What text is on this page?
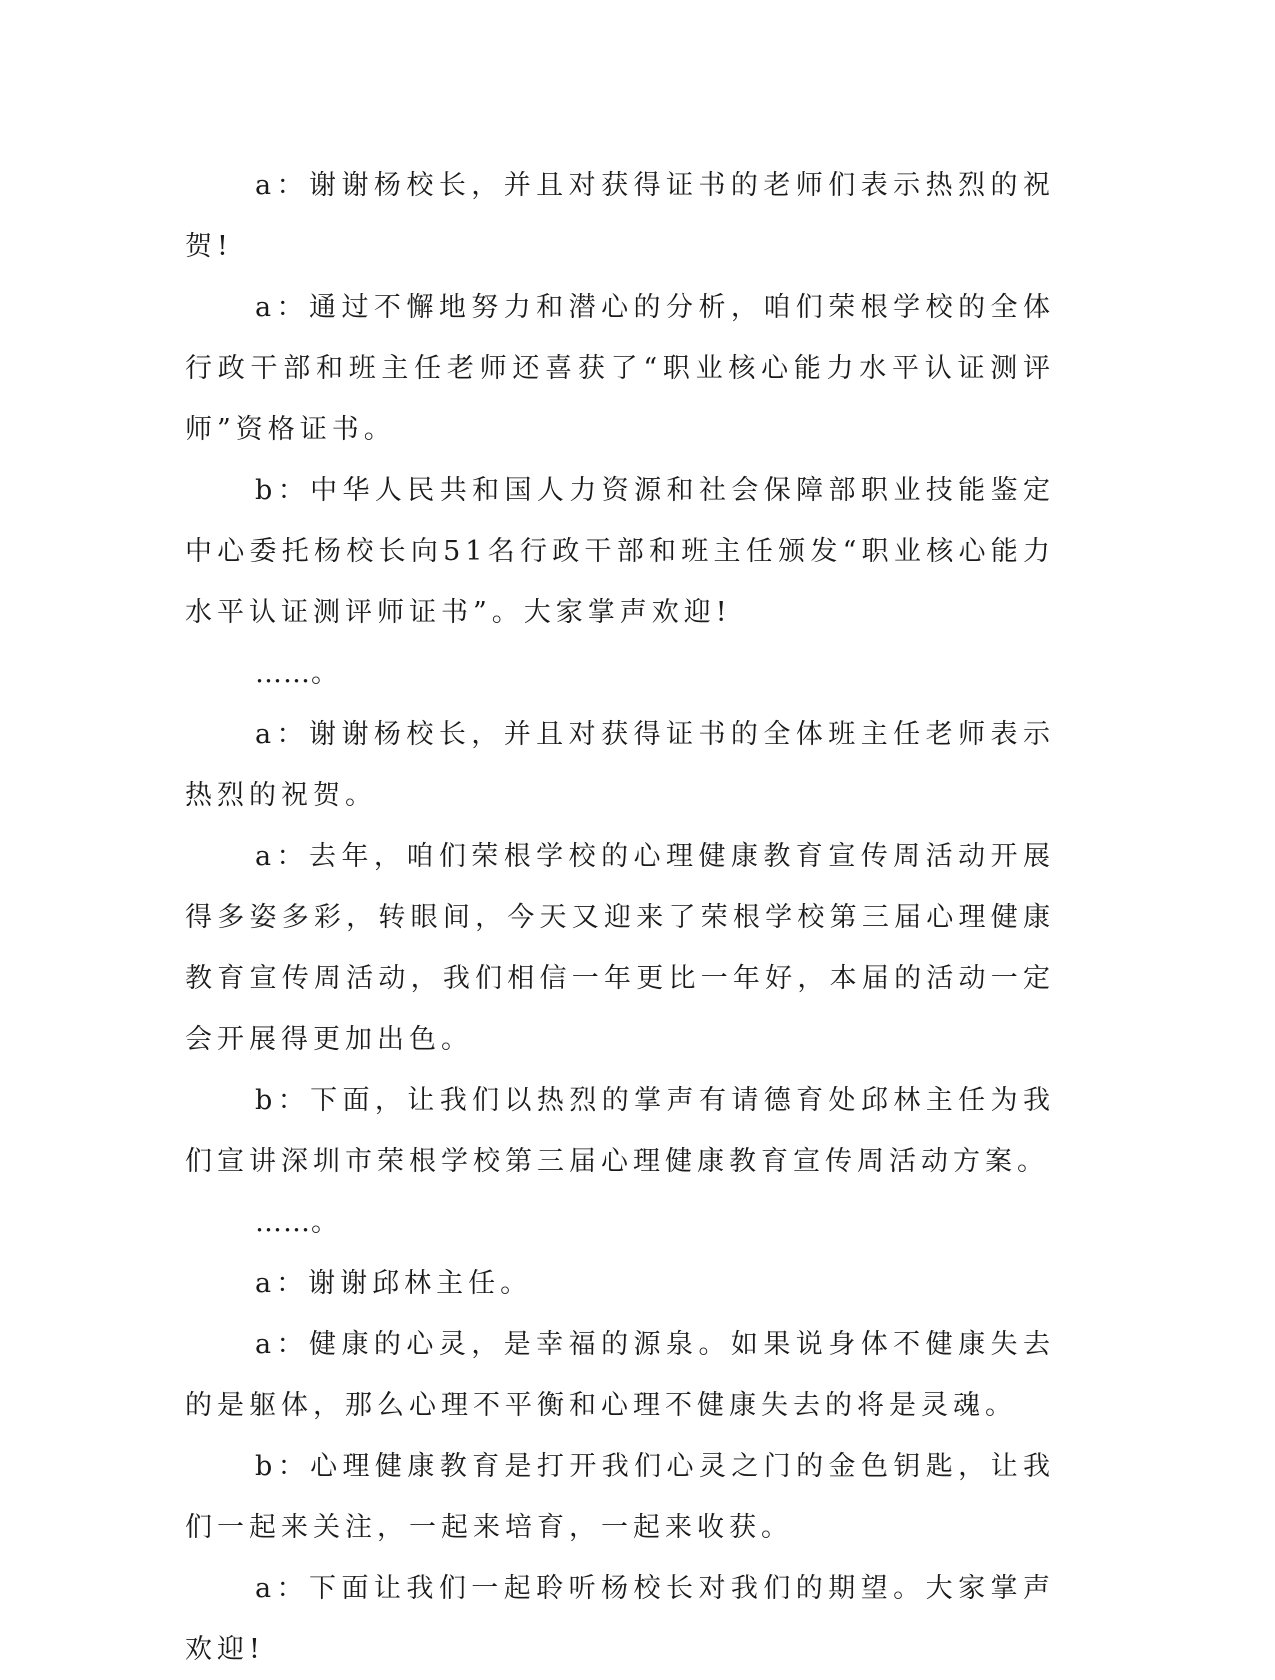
a：谢谢杨校长，并且对获得证书的老师们表示热烈的祝贺!

a：通过不懈地努力和潜心的分析，咱们荣根学校的全体行政干部和班主任老师还喜获了“职业核心能力水平认证测评师”资格证书。

b：中华人民共和国人力资源和社会保障部职业技能鉴定中心委托杨校长向51名行政干部和班主任颁发“职业核心能力水平认证测评师证书”。大家掌声欢迎!

……。

a：谢谢杨校长，并且对获得证书的全体班主任老师表示热烈的祝贺。

a：去年，咱们荣根学校的心理健康教育宣传周活动开展得多姿多彩，转眼间，今天又迎来了荣根学校第三届心理健康教育宣传周活动，我们相信一年更比一年好，本届的活动一定会开展得更加出色。

b：下面，让我们以热烈的掌声有请德育处邱林主任为我们宣讲深圳市荣根学校第三届心理健康教育宣传周活动方案。

……。

a：谢谢邱林主任。

a：健康的心灵，是幸福的源泉。如果说身体不健康失去的是躯体，那么心理不平衡和心理不健康失去的将是灵魂。

b：心理健康教育是打开我们心灵之门的金色钥匙，让我们一起来关注，一起来培育，一起来收获。

a：下面让我们一起聆听杨校长对我们的期望。大家掌声欢迎!
